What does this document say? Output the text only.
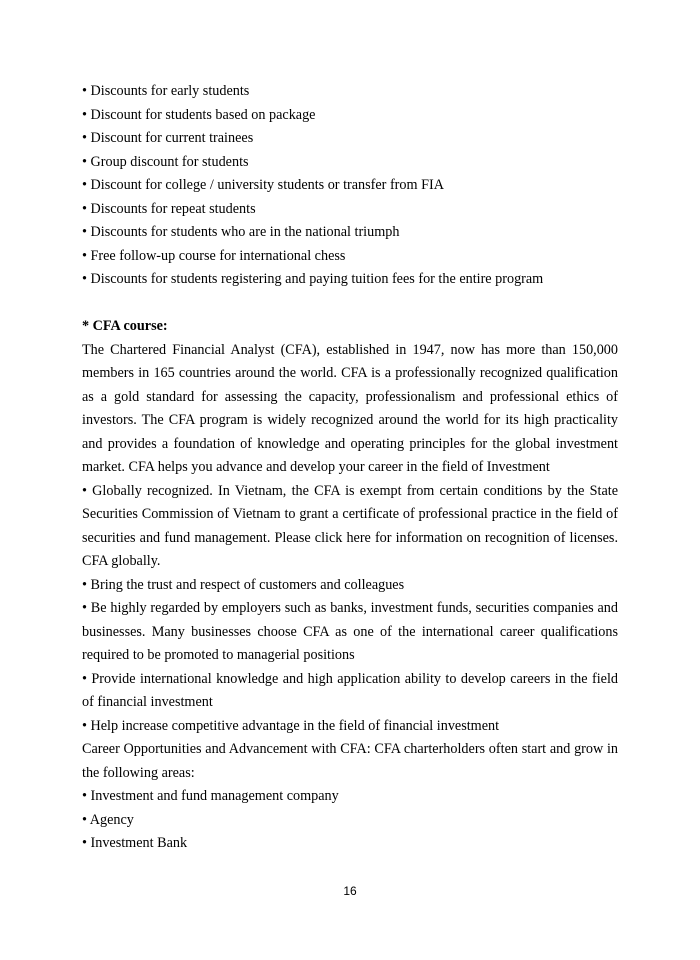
• Discounts for early students

• Discount for students based on package

• Discount for current trainees

• Group discount for students

• Discount for college / university students or transfer from FIA

• Discounts for repeat students

• Discounts for students who are in the national triumph

• Free follow-up course for international chess

• Discounts for students registering and paying tuition fees for the entire program

* CFA course:

The Chartered Financial Analyst (CFA), established in 1947, now has more than 150,000 members in 165 countries around the world. CFA is a professionally recognized qualification as a gold standard for assessing the capacity, professionalism and professional ethics of investors. The CFA program is widely recognized around the world for its high practicality and provides a foundation of knowledge and operating principles for the global investment market. CFA helps you advance and develop your career in the field of Investment

• Globally recognized. In Vietnam, the CFA is exempt from certain conditions by the State Securities Commission of Vietnam to grant a certificate of professional practice in the field of securities and fund management. Please click here for information on recognition of licenses. CFA globally.

• Bring the trust and respect of customers and colleagues

• Be highly regarded by employers such as banks, investment funds, securities companies and businesses. Many businesses choose CFA as one of the international career qualifications required to be promoted to managerial positions

• Provide international knowledge and high application ability to develop careers in the field of financial investment

• Help increase competitive advantage in the field of financial investment

Career Opportunities and Advancement with CFA: CFA charterholders often start and grow in the following areas:

• Investment and fund management company

• Agency

• Investment Bank

16
